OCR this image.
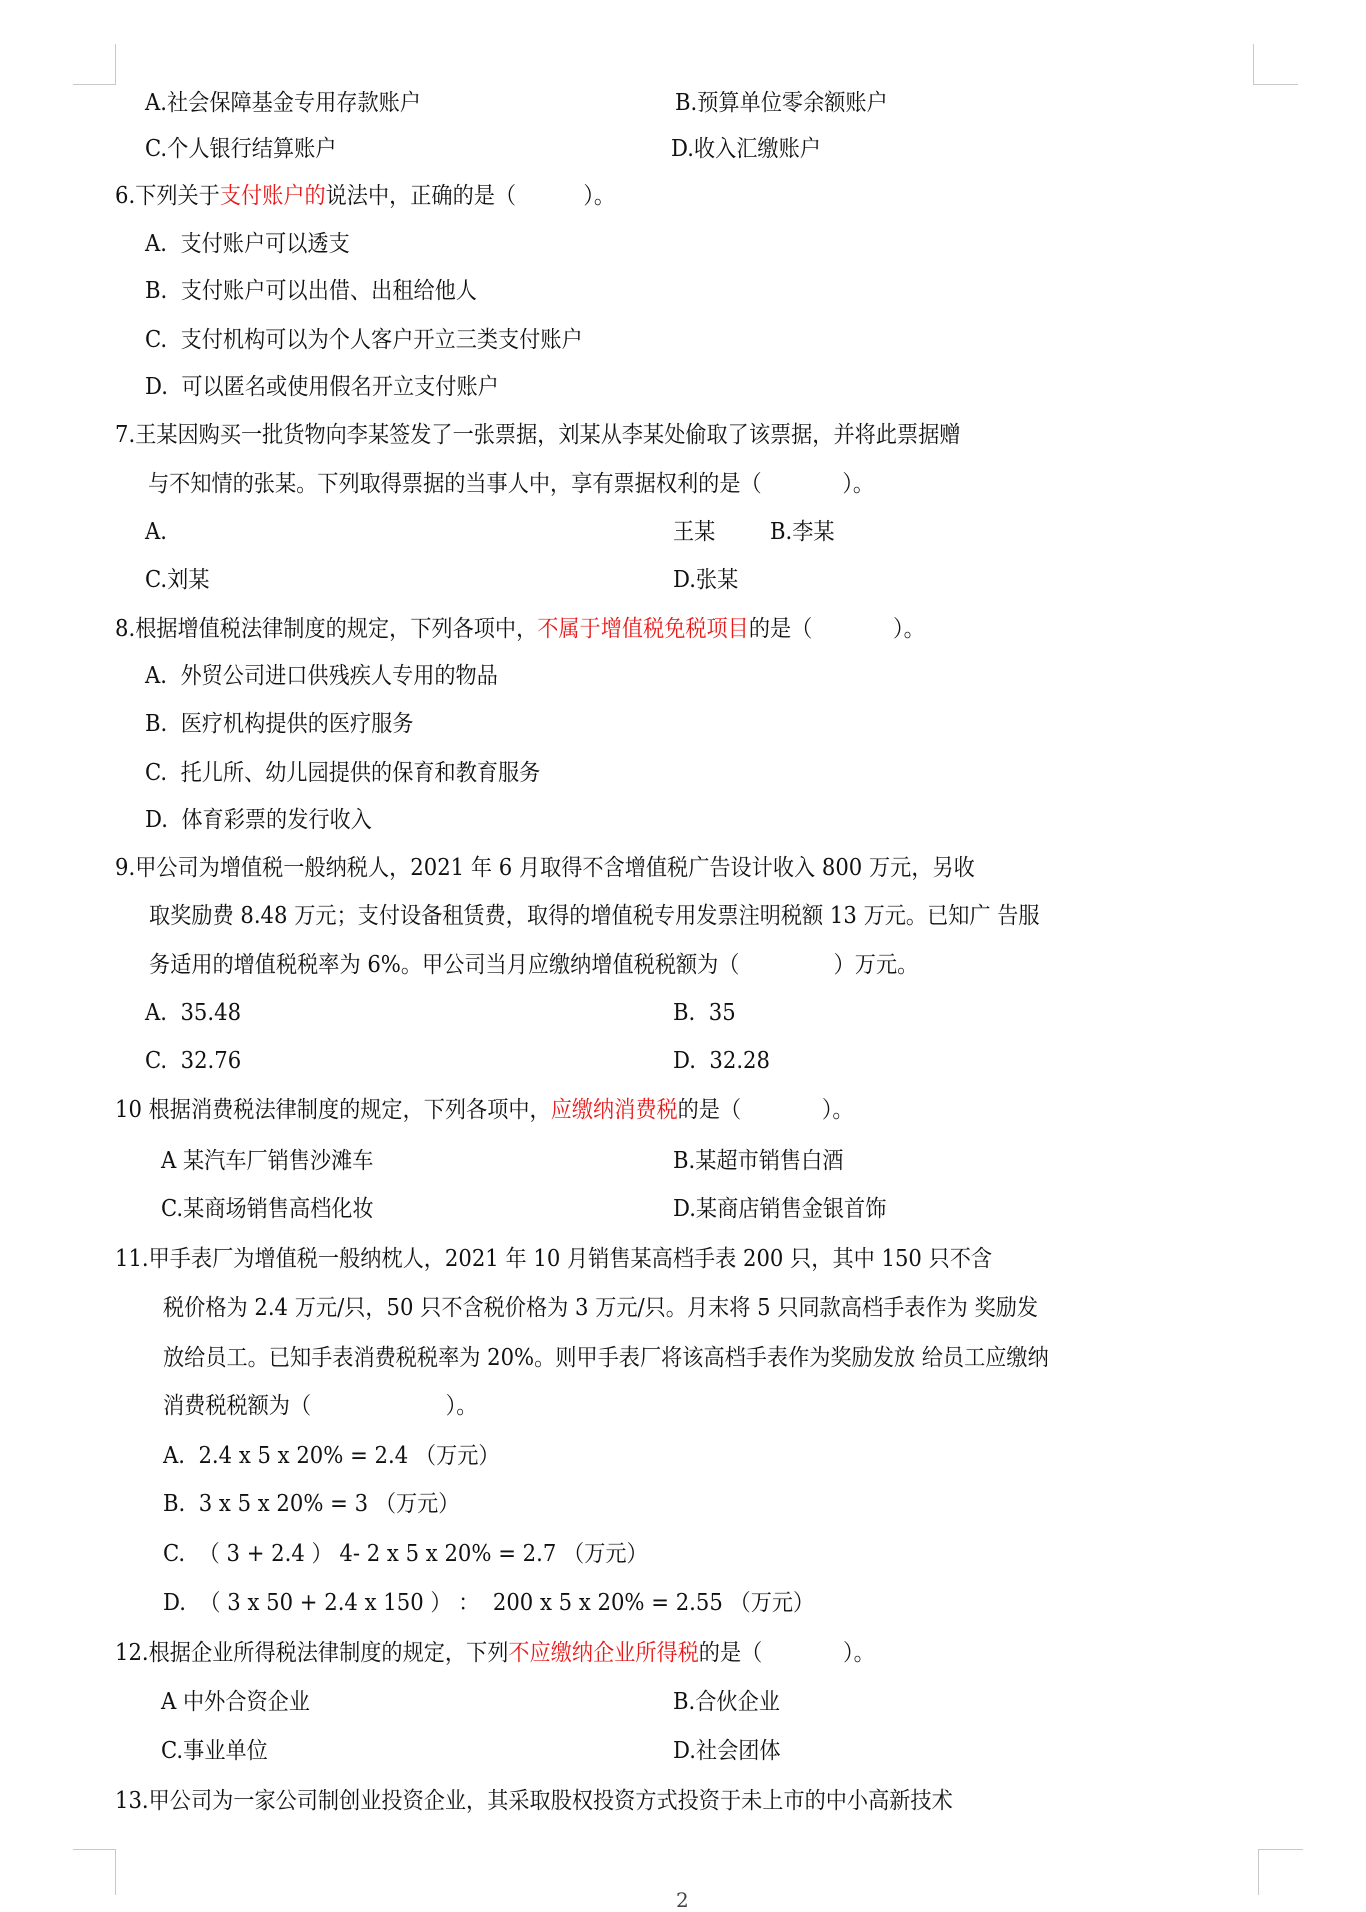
A.社会保障基金专用存款账户	B.预算单位零余额账户
C.个人银行结算账户	D.收入汇缴账户
6.下列关于支付账户的说法中，正确的是（          ）。
A.  支付账户可以透支
B.  支付账户可以出借、出租给他人
C.  支付机构可以为个人客户开立三类支付账户
D.  可以匿名或使用假名开立支付账户
7.王某因购买一批货物向李某签发了一张票据，刘某从李某处偷取了该票据，并将此票据赠
与不知情的张某。下列取得票据的当事人中，享有票据权利的是（            ）。
A.	王某 B.李某
C.刘某	D.张某
8.根据增值税法律制度的规定，下列各项中，不属于增值税免税项目的是（            ）。
A.  外贸公司进口供残疾人专用的物品
B.  医疗机构提供的医疗服务
C.  托儿所、幼儿园提供的保育和教育服务
D.  体育彩票的发行收入
9.甲公司为增值税一般纳税人，2021 年 6 月取得不含增值税广告设计收入 800 万元，另收
取奖励费 8.48 万元；支付设备租赁费，取得的增值税专用发票注明税额 13 万元。已知广 告服
务适用的增值税税率为 6%。甲公司当月应缴纳增值税税额为（              ）万元。
A.  35.48	B.  35
C.  32.76	D.  32.28
10 根据消费税法律制度的规定，下列各项中，应缴纳消费税的是（            ）。
A 某汽车厂销售沙滩车	B.某超市销售白酒
C.某商场销售高档化妆	D.某商店销售金银首饰
11.甲手表厂为增值税一般纳枕人，2021 年 10 月销售某高档手表 200 只，其中 150 只不含
税价格为 2.4 万元/只，50 只不含税价格为 3 万元/只。月末将 5 只同款高档手表作为 奖励发
放给员工。已知手表消费税税率为 20%。则甲手表厂将该高档手表作为奖励发放 给员工应缴纳
消费税税额为（                    ）。
A.  2.4 x 5 x 20% = 2.4 （万元）
B.  3 x 5 x 20% = 3 （万元）
C.  （ 3 + 2.4 ） 4- 2 x 5 x 20% = 2.7 （万元）
D.  （ 3 x 50 + 2.4 x 150 ） ：  200 x 5 x 20% = 2.55 （万元）
12.根据企业所得税法律制度的规定，下列不应缴纳企业所得税的是（            ）。
A 中外合资企业	B.合伙企业
C.事业单位	D.社会团体
13.甲公司为一家公司制创业投资企业，其采取股权投资方式投资于未上市的中小高新技术
2
